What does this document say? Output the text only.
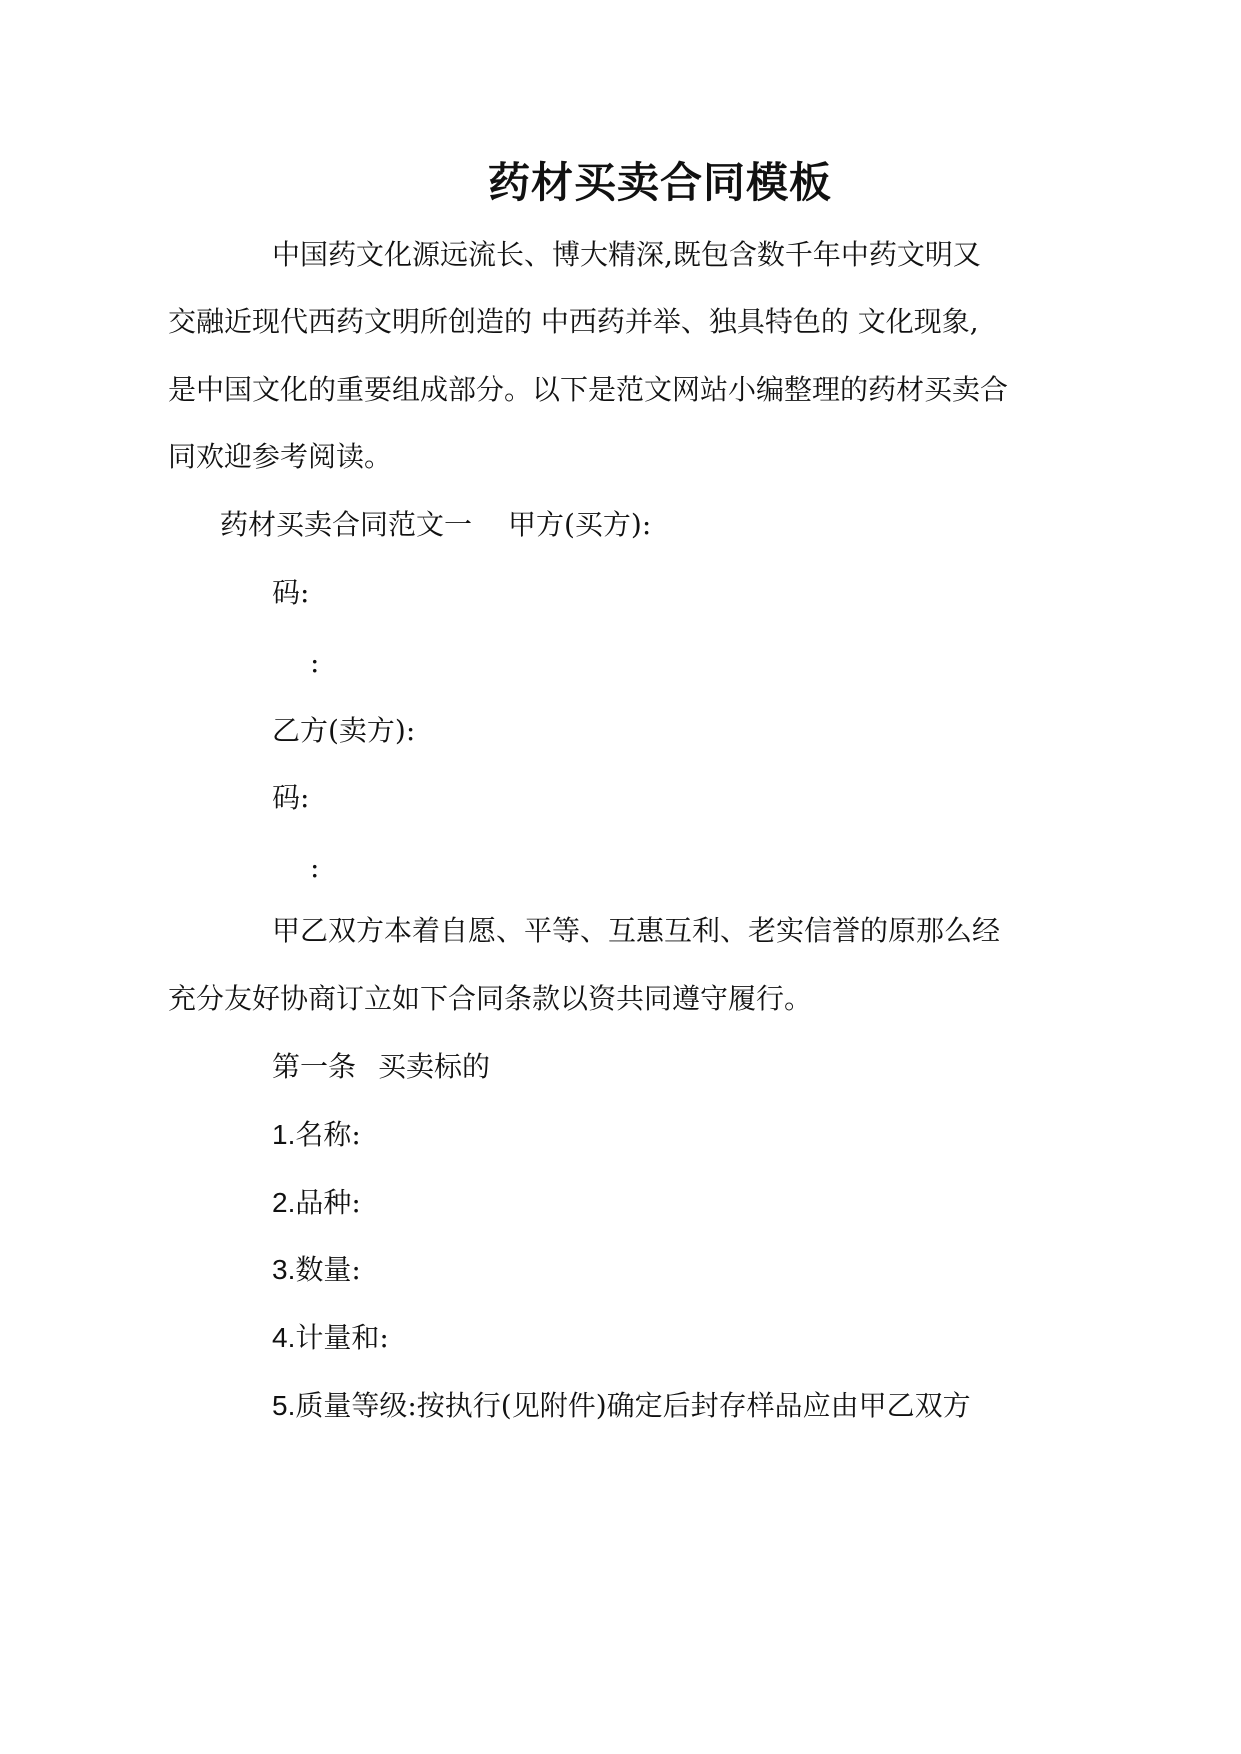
药材买卖合同模板
中国药文化源远流长、博大精深,既包含数千年中药文明又
交融近现代西药文明所创造的 中西药并举、独具特色的 文化现象,
是中国文化的重要组成部分。以下是范文网站小编整理的药材买卖合
同欢迎参考阅读。
药材买卖合同范文一 甲方(买方):
码:
:
乙方(卖方):
码:
:
甲乙双方本着自愿、平等、互惠互利、老实信誉的原那么经
充分友好协商订立如下合同条款以资共同遵守履行。
第一条 买卖标的
1.名称:
2.品种:
3.数量:
4.计量和:
5.质量等级:按执行(见附件)确定后封存样品应由甲乙双方
